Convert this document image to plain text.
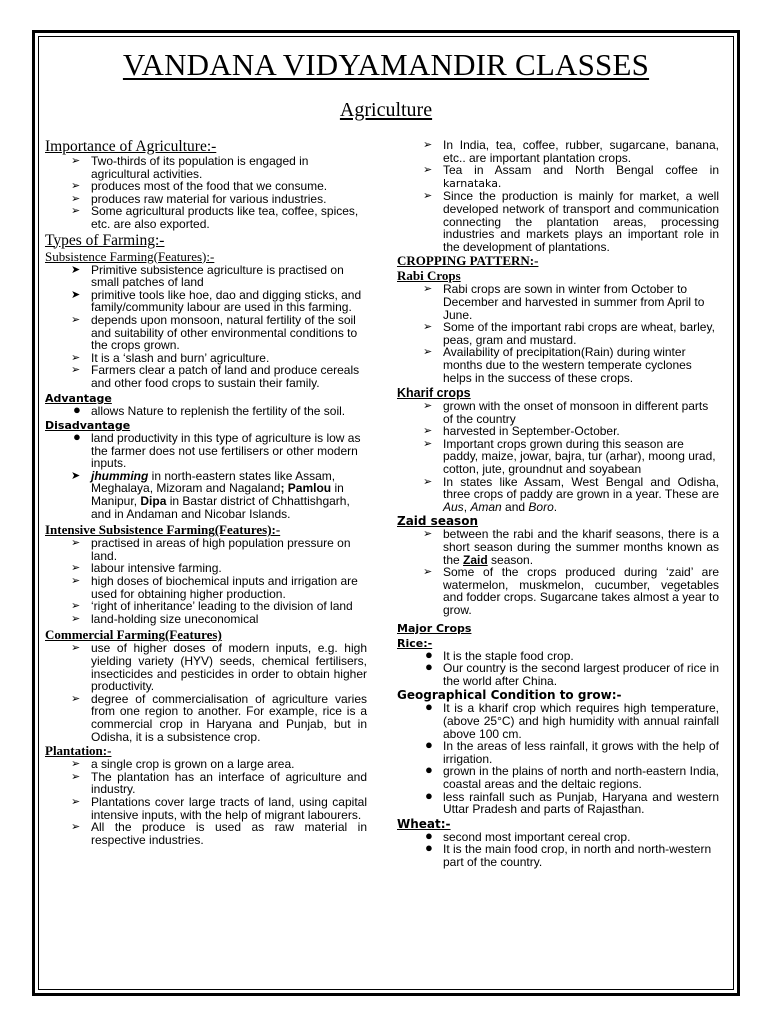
VANDANA VIDYAMANDIR CLASSES
Agriculture
Importance of Agriculture:-
➢ Two-thirds of its population is engaged in agricultural activities.
➢ produces most of the food that we consume.
➢ produces raw material for various industries.
➢ Some agricultural products like tea, coffee, spices, etc. are also exported.
Types of Farming:-
Subsistence Farming(Features):-
➤ Primitive subsistence agriculture is practised on small patches of land
➤ primitive tools like hoe, dao and digging sticks, and family/community labour are used in this farming.
➢ depends upon monsoon, natural fertility of the soil and suitability of other environmental conditions to the crops grown.
➢ It is a ‘slash and burn’ agriculture.
➢ Farmers clear a patch of land and produce cereals and other food crops to sustain their family.
Advantage
● allows Nature to replenish the fertility of the soil.
Disadvantage
● land productivity in this type of agriculture is low as the farmer does not use fertilisers or other modern inputs.
➤ jhumming in north-eastern states like Assam, Meghalaya, Mizoram and Nagaland; Pamlou in Manipur, Dipa in Bastar district of Chhattishgarh, and in Andaman and Nicobar Islands.
Intensive Subsistence Farming(Features):-
➢ practised in areas of high population pressure on land.
➢ labour intensive farming.
➢ high doses of biochemical inputs and irrigation are used for obtaining higher production.
➢ ‘right of inheritance’ leading to the division of land
➢ land-holding size uneconomical
Commercial Farming(Features)
➢ use of higher doses of modern inputs, e.g. high yielding variety (HYV) seeds, chemical fertilisers, insecticides and pesticides in order to obtain higher productivity.
➢ degree of commercialisation of agriculture varies from one region to another. For example, rice is a commercial crop in Haryana and Punjab, but in Odisha, it is a subsistence crop.
Plantation:-
➢ a single crop is grown on a large area.
➢ The plantation has an interface of agriculture and industry.
➢ Plantations cover large tracts of land, using capital intensive inputs, with the help of migrant labourers.
➢ All the produce is used as raw material in respective industries.
➢ In India, tea, coffee, rubber, sugarcane, banana, etc.. are important plantation crops.
➢ Tea in Assam and North Bengal coffee in karnataka.
➢ Since the production is mainly for market, a well developed network of transport and communication connecting the plantation areas, processing industries and markets plays an important role in the development of plantations.
CROPPING PATTERN:-
Rabi Crops
➢ Rabi crops are sown in winter from October to December and harvested in summer from April to June.
➢ Some of the important rabi crops are wheat, barley, peas, gram and mustard.
➢ Availability of precipitation(Rain) during winter months due to the western temperate cyclones helps in the success of these crops.
Kharif crops
➢ grown with the onset of monsoon in different parts of the country
➢ harvested in September-October.
➢ Important crops grown during this season are paddy, maize, jowar, bajra, tur (arhar), moong urad, cotton, jute, groundnut and soyabean
➢ In states like Assam, West Bengal and Odisha, three crops of paddy are grown in a year. These are Aus, Aman and Boro.
Zaid season
➢ between the rabi and the kharif seasons, there is a short season during the summer months known as the Zaid season.
➢ Some of the crops produced during ‘zaid’ are watermelon, muskmelon, cucumber, vegetables and fodder crops. Sugarcane takes almost a year to grow.
Major Crops
Rice:-
● It is the staple food crop.
● Our country is the second largest producer of rice in the world after China.
Geographical Condition to grow:-
● It is a kharif crop which requires high temperature, (above 25°C) and high humidity with annual rainfall above 100 cm.
● In the areas of less rainfall, it grows with the help of irrigation.
● grown in the plains of north and north-eastern India, coastal areas and the deltaic regions.
● less rainfall such as Punjab, Haryana and western Uttar Pradesh and parts of Rajasthan.
Wheat:-
● second most important cereal crop.
● It is the main food crop, in north and north-western part of the country.
